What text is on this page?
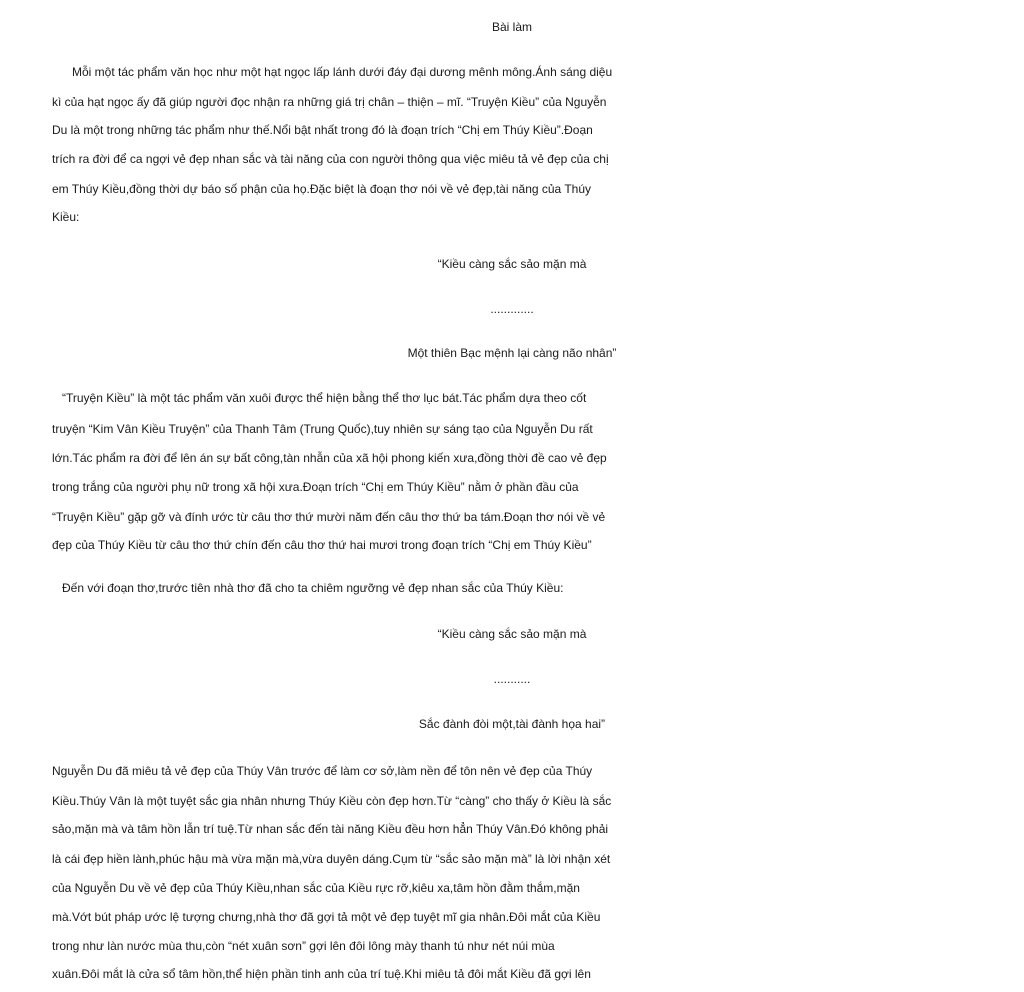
Bài làm
Mỗi một tác phẩm văn học như một hạt ngọc lấp lánh dưới đáy đại dương mênh mông.Ánh sáng diệu
kì của hạt ngọc ấy đã giúp người đọc nhận ra những giá trị chân – thiện – mĩ. “Truyện Kiều” của Nguyễn
Du là một trong những tác phẩm như thế.Nổi bật nhất trong đó là đoạn trích “Chị em Thúy Kiều”.Đoạn
trích ra đời để ca ngợi vẻ đẹp nhan sắc và tài năng của con người thông qua việc miêu tả vẻ đẹp của chị
em Thúy Kiều,đồng thời dự báo số phận của họ.Đặc biệt là đoạn thơ nói về vẻ đẹp,tài năng của Thúy
Kiều:
“Kiều càng sắc sảo mặn mà
.............
Một thiên Bạc mệnh lại càng não nhân”
“Truyện Kiều” là một tác phẩm văn xuôi được thể hiện bằng thể thơ lục bát.Tác phẩm dựa theo cốt
truyện “Kim Vân Kiều Truyện” của Thanh Tâm (Trung Quốc),tuy nhiên sự sáng tạo của Nguyễn Du rất
lớn.Tác phẩm ra đời để lên án sự bất công,tàn nhẫn của xã hội phong kiến xưa,đồng thời đề cao vẻ đẹp
trong trắng của người phụ nữ trong xã hội xưa.Đoạn trích “Chị em Thúy Kiều” nằm ở phần đầu của
“Truyện Kiều” gặp gỡ và đính ước từ câu thơ thứ mười năm đến câu thơ thứ ba tám.Đoạn thơ nói về vẻ
đẹp của Thúy Kiều từ câu thơ thứ chín đến câu thơ thứ hai mươi trong đoạn trích “Chị em Thúy Kiều”
Đến với đoạn thơ,trước tiên nhà thơ đã cho ta chiêm ngưỡng vẻ đẹp nhan sắc của Thúy Kiều:
“Kiều càng sắc sảo mặn mà
...........
Sắc đành đòi một,tài đành họa hai”
Nguyễn Du đã miêu tả vẻ đẹp của Thúy Vân trước để làm cơ sở,làm nền để tôn nên vẻ đẹp của Thúy
Kiều.Thúy Vân là một tuyệt sắc gia nhân nhưng Thúy Kiều còn đẹp hơn.Từ “càng” cho thấy ở Kiều là sắc
sảo,mặn mà và tâm hồn lẫn trí tuệ.Từ nhan sắc đến tài năng Kiều đều hơn hẳn Thúy Vân.Đó không phải
là cái đẹp hiền lành,phúc hậu mà vừa mặn mà,vừa duyên dáng.Cụm từ “sắc sảo mặn mà” là lời nhận xét
của Nguyễn Du về vẻ đẹp của Thúy Kiều,nhan sắc của Kiều rực rỡ,kiêu xa,tâm hồn đằm thắm,mặn
mà.Vớt bút pháp ước lệ tượng chưng,nhà thơ đã gợi tả một vẻ đẹp tuyệt mĩ gia nhân.Đôi mắt của Kiều
trong như làn nước mùa thu,còn “nét xuân sơn” gợi lên đôi lông mày thanh tú như nét núi mùa
xuân.Đôi mắt là cửa sổ tâm hồn,thể hiện phần tinh anh của trí tuệ.Khi miêu tả đôi mắt Kiều đã gợi lên
